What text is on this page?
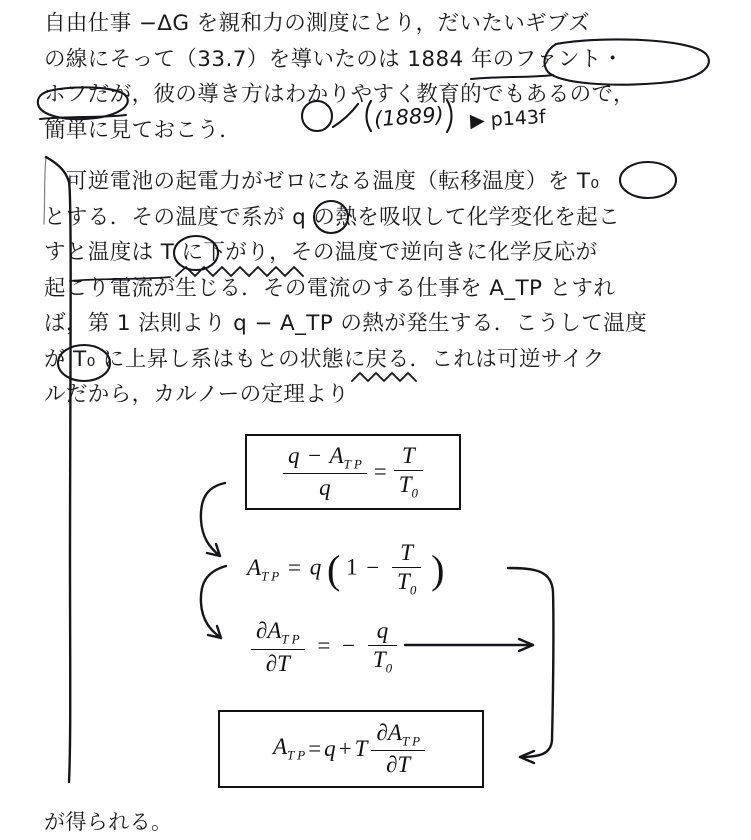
自由仕事 −ΔG を親和力の測度にとり，だいたいギブズ
の線にそって（33.7）を導いたのは 1884 年のファント・
ホフだが，彼の導き方はわかりやすく教育的でもあるので，
簡単に見ておこう．
　可逆電池の起電力がゼロになる温度（転移温度）を T₀
とする．その温度で系が q の熱を吸収して化学変化を起こ
すと温度は T に下がり，その温度で逆向きに化学反応が
起こり電流が生じる．その電流のする仕事を A_TP とすれ
ば，第 1 法則より q − A_TP の熱が発生する．こうして温度
が T₀ に上昇し系はもとの状態に戻る．これは可逆サイク
ルだから，カルノーの定理より
$\frac{q - A_{T P}}{q} = \frac{T}{T_0}$
$A_{T P} = q$ ( $1 - \frac{T}{T_0}$ )
$\frac{\partial A_{T P}}{\partial T}$ = − $\frac{q}{T_0}$
$A_{T P} = q + T \frac{\partial A_{T P}}{\partial T}$
が得られる。
(1889) ▶ p143f
